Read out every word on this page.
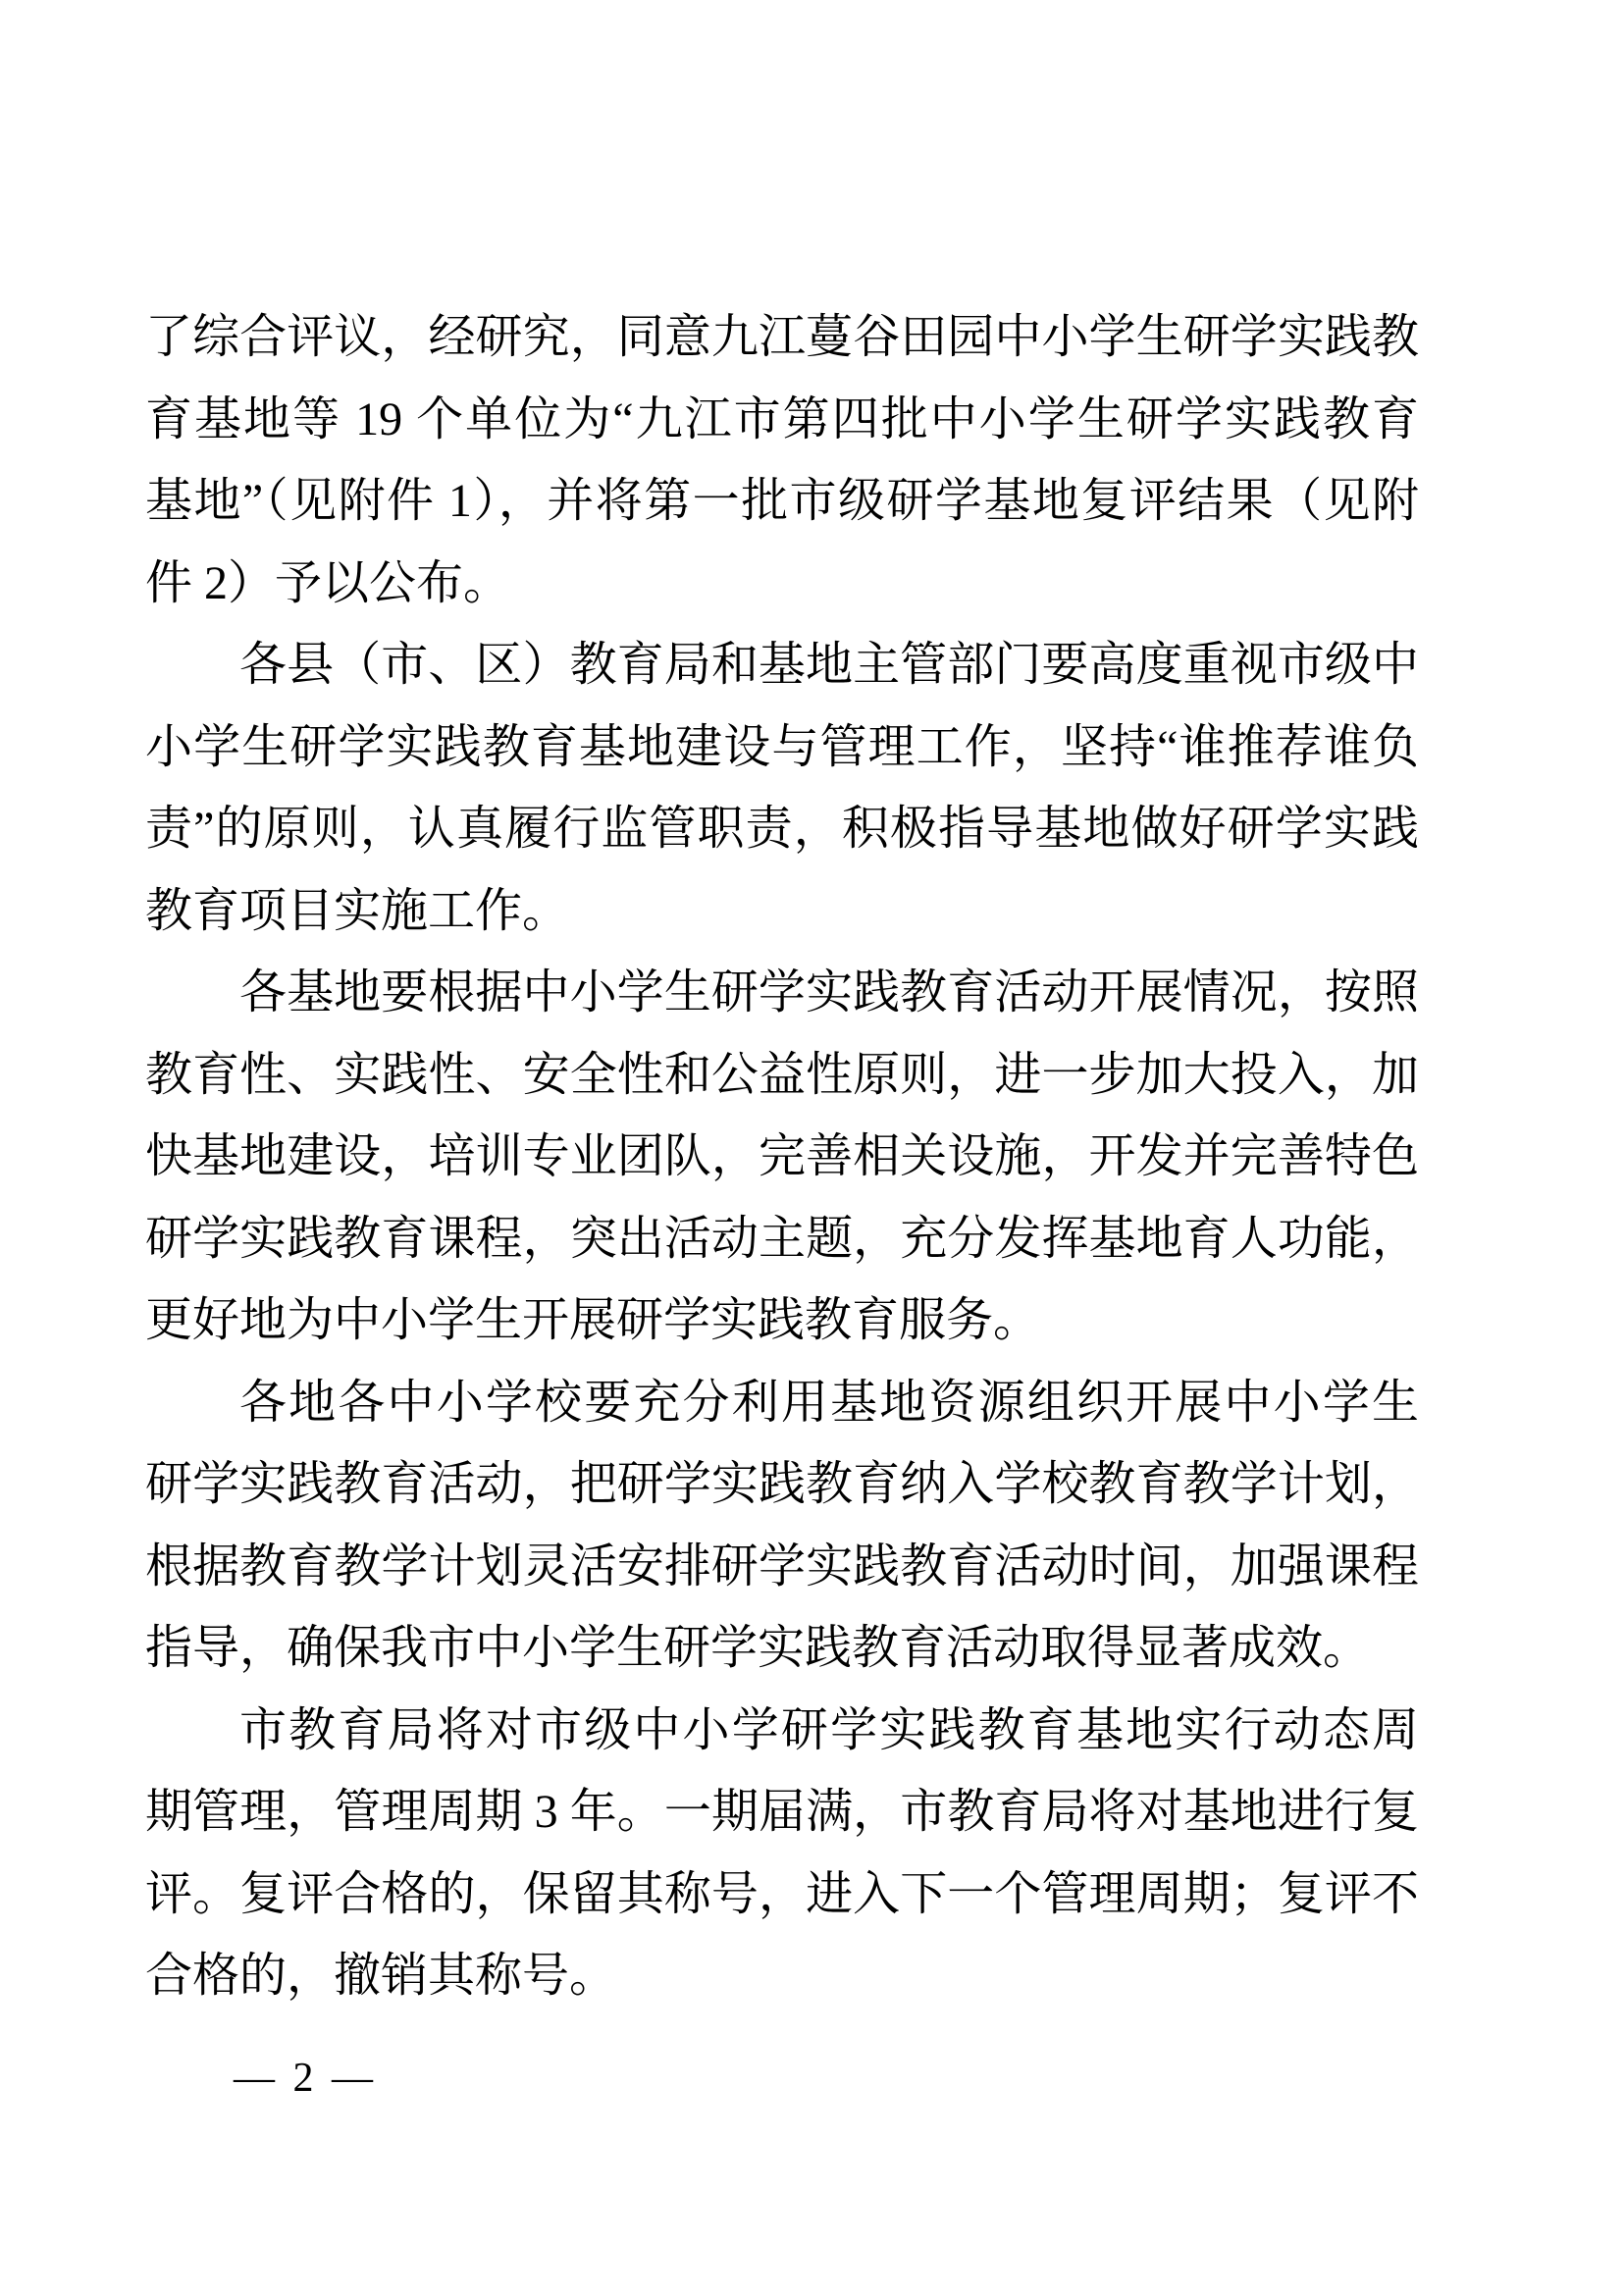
了综合评议，经研究，同意九江蔓谷田园中小学生研学实践教
育基地等 19 个单位为“九江市第四批中小学生研学实践教育
基地”（见附件 1），并将第一批市级研学基地复评结果（见附
件 2）予以公布。
各县（市、区）教育局和基地主管部门要高度重视市级中
小学生研学实践教育基地建设与管理工作，坚持“谁推荐谁负
责”的原则，认真履行监管职责，积极指导基地做好研学实践
教育项目实施工作。
各基地要根据中小学生研学实践教育活动开展情况，按照
教育性、实践性、安全性和公益性原则，进一步加大投入，加
快基地建设，培训专业团队，完善相关设施，开发并完善特色
研学实践教育课程，突出活动主题，充分发挥基地育人功能，
更好地为中小学生开展研学实践教育服务。
各地各中小学校要充分利用基地资源组织开展中小学生
研学实践教育活动，把研学实践教育纳入学校教育教学计划，
根据教育教学计划灵活安排研学实践教育活动时间，加强课程
指导，确保我市中小学生研学实践教育活动取得显著成效。
市教育局将对市级中小学研学实践教育基地实行动态周
期管理，管理周期 3 年。一期届满，市教育局将对基地进行复
评。复评合格的，保留其称号，进入下一个管理周期；复评不
合格的，撤销其称号。
— 2 —
